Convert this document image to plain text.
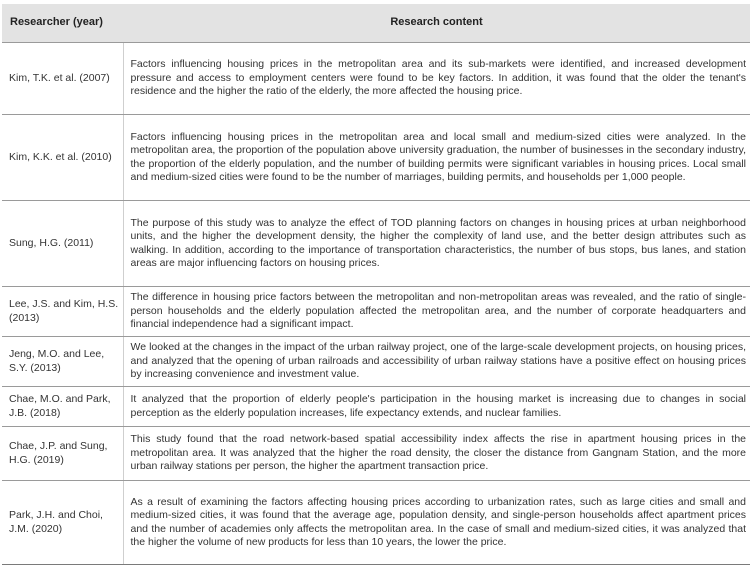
Researcher (year)	Research content
Kim, T.K. et al. (2007)	Factors influencing housing prices in the metropolitan area and its sub-markets were identified, and increased development pressure and access to employment centers were found to be key factors. In addition, it was found that the older the tenant's residence and the higher the ratio of the elderly, the more affected the housing price.
Kim, K.K. et al. (2010)	Factors influencing housing prices in the metropolitan area and local small and medium-sized cities were analyzed. In the metropolitan area, the proportion of the population above university graduation, the number of businesses in the secondary industry, the proportion of the elderly population, and the number of building permits were significant variables in housing prices. Local small and medium-sized cities were found to be the number of marriages, building permits, and households per 1,000 people.
Sung, H.G. (2011)	The purpose of this study was to analyze the effect of TOD planning factors on changes in housing prices at urban neighborhood units, and the higher the development density, the higher the complexity of land use, and the better design attributes such as walking. In addition, according to the importance of transportation characteristics, the number of bus stops, bus lanes, and station areas are major influencing factors on housing prices.
Lee, J.S. and Kim, H.S. (2013)	The difference in housing price factors between the metropolitan and non-metropolitan areas was revealed, and the ratio of single-person households and the elderly population affected the metropolitan area, and the number of corporate headquarters and financial independence had a significant impact.
Jeng, M.O. and Lee, S.Y. (2013)	We looked at the changes in the impact of the urban railway project, one of the large-scale development projects, on housing prices, and analyzed that the opening of urban railroads and accessibility of urban railway stations have a positive effect on housing prices by increasing convenience and investment value.
Chae, M.O. and Park, J.B. (2018)	It analyzed that the proportion of elderly people's participation in the housing market is increasing due to changes in social perception as the elderly population increases, life expectancy extends, and nuclear families.
Chae, J.P. and Sung, H.G. (2019)	This study found that the road network-based spatial accessibility index affects the rise in apartment housing prices in the metropolitan area. It was analyzed that the higher the road density, the closer the distance from Gangnam Station, and the more urban railway stations per person, the higher the apartment transaction price.
Park, J.H. and Choi, J.M. (2020)	As a result of examining the factors affecting housing prices according to urbanization rates, such as large cities and small and medium-sized cities, it was found that the average age, population density, and single-person households affect apartment prices and the number of academies only affects the metropolitan area. In the case of small and medium-sized cities, it was analyzed that the higher the volume of new products for less than 10 years, the lower the price.
